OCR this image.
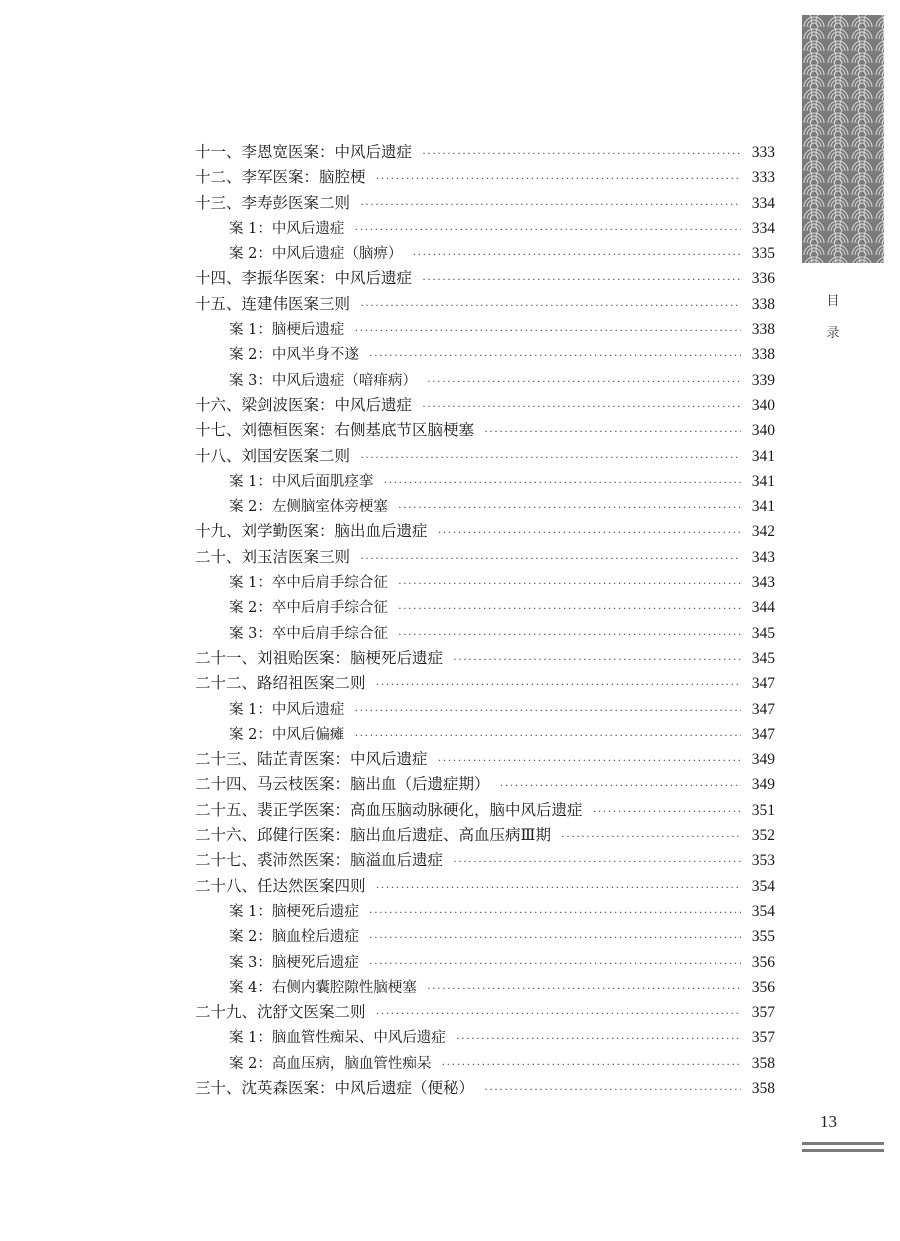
目
录
十一、李恩宽医案：中风后遗症 ·····	333
十二、李军医案：脑腔梗 ·····	333
十三、李寿彭医案二则 ·····	334
案 1：中风后遗症 ·····	334
案 2：中风后遗症（脑痹） ·····	335
十四、李振华医案：中风后遗症 ·····	336
十五、连建伟医案三则 ·····	338
案 1：脑梗后遗症 ·····	338
案 2：中风半身不遂 ·····	338
案 3：中风后遗症（喑痱病） ·····	339
十六、梁剑波医案：中风后遗症 ·····	340
十七、刘德桓医案：右侧基底节区脑梗塞 ·····	340
十八、刘国安医案二则 ·····	341
案 1：中风后面肌痉挛 ·····	341
案 2：左侧脑室体旁梗塞 ·····	341
十九、刘学勤医案：脑出血后遗症 ·····	342
二十、刘玉洁医案三则 ·····	343
案 1：卒中后肩手综合征 ·····	343
案 2：卒中后肩手综合征 ·····	344
案 3：卒中后肩手综合征 ·····	345
二十一、刘祖贻医案：脑梗死后遗症 ·····	345
二十二、路绍祖医案二则 ·····	347
案 1：中风后遗症 ·····	347
案 2：中风后偏瘫 ·····	347
二十三、陆芷青医案：中风后遗症 ·····	349
二十四、马云枝医案：脑出血（后遗症期） ·····	349
二十五、裴正学医案：高血压脑动脉硬化，脑中风后遗症 ·····	351
二十六、邱健行医案：脑出血后遗症、高血压病Ⅲ期 ·····	352
二十七、裘沛然医案：脑溢血后遗症 ·····	353
二十八、任达然医案四则 ·····	354
案 1：脑梗死后遗症 ·····	354
案 2：脑血栓后遗症 ·····	355
案 3：脑梗死后遗症 ·····	356
案 4：右侧内囊腔隙性脑梗塞 ·····	356
二十九、沈舒文医案二则 ·····	357
案 1：脑血管性痴呆、中风后遗症 ·····	357
案 2：高血压病，脑血管性痴呆 ·····	358
三十、沈英森医案：中风后遗症（便秘） ·····	358
13
